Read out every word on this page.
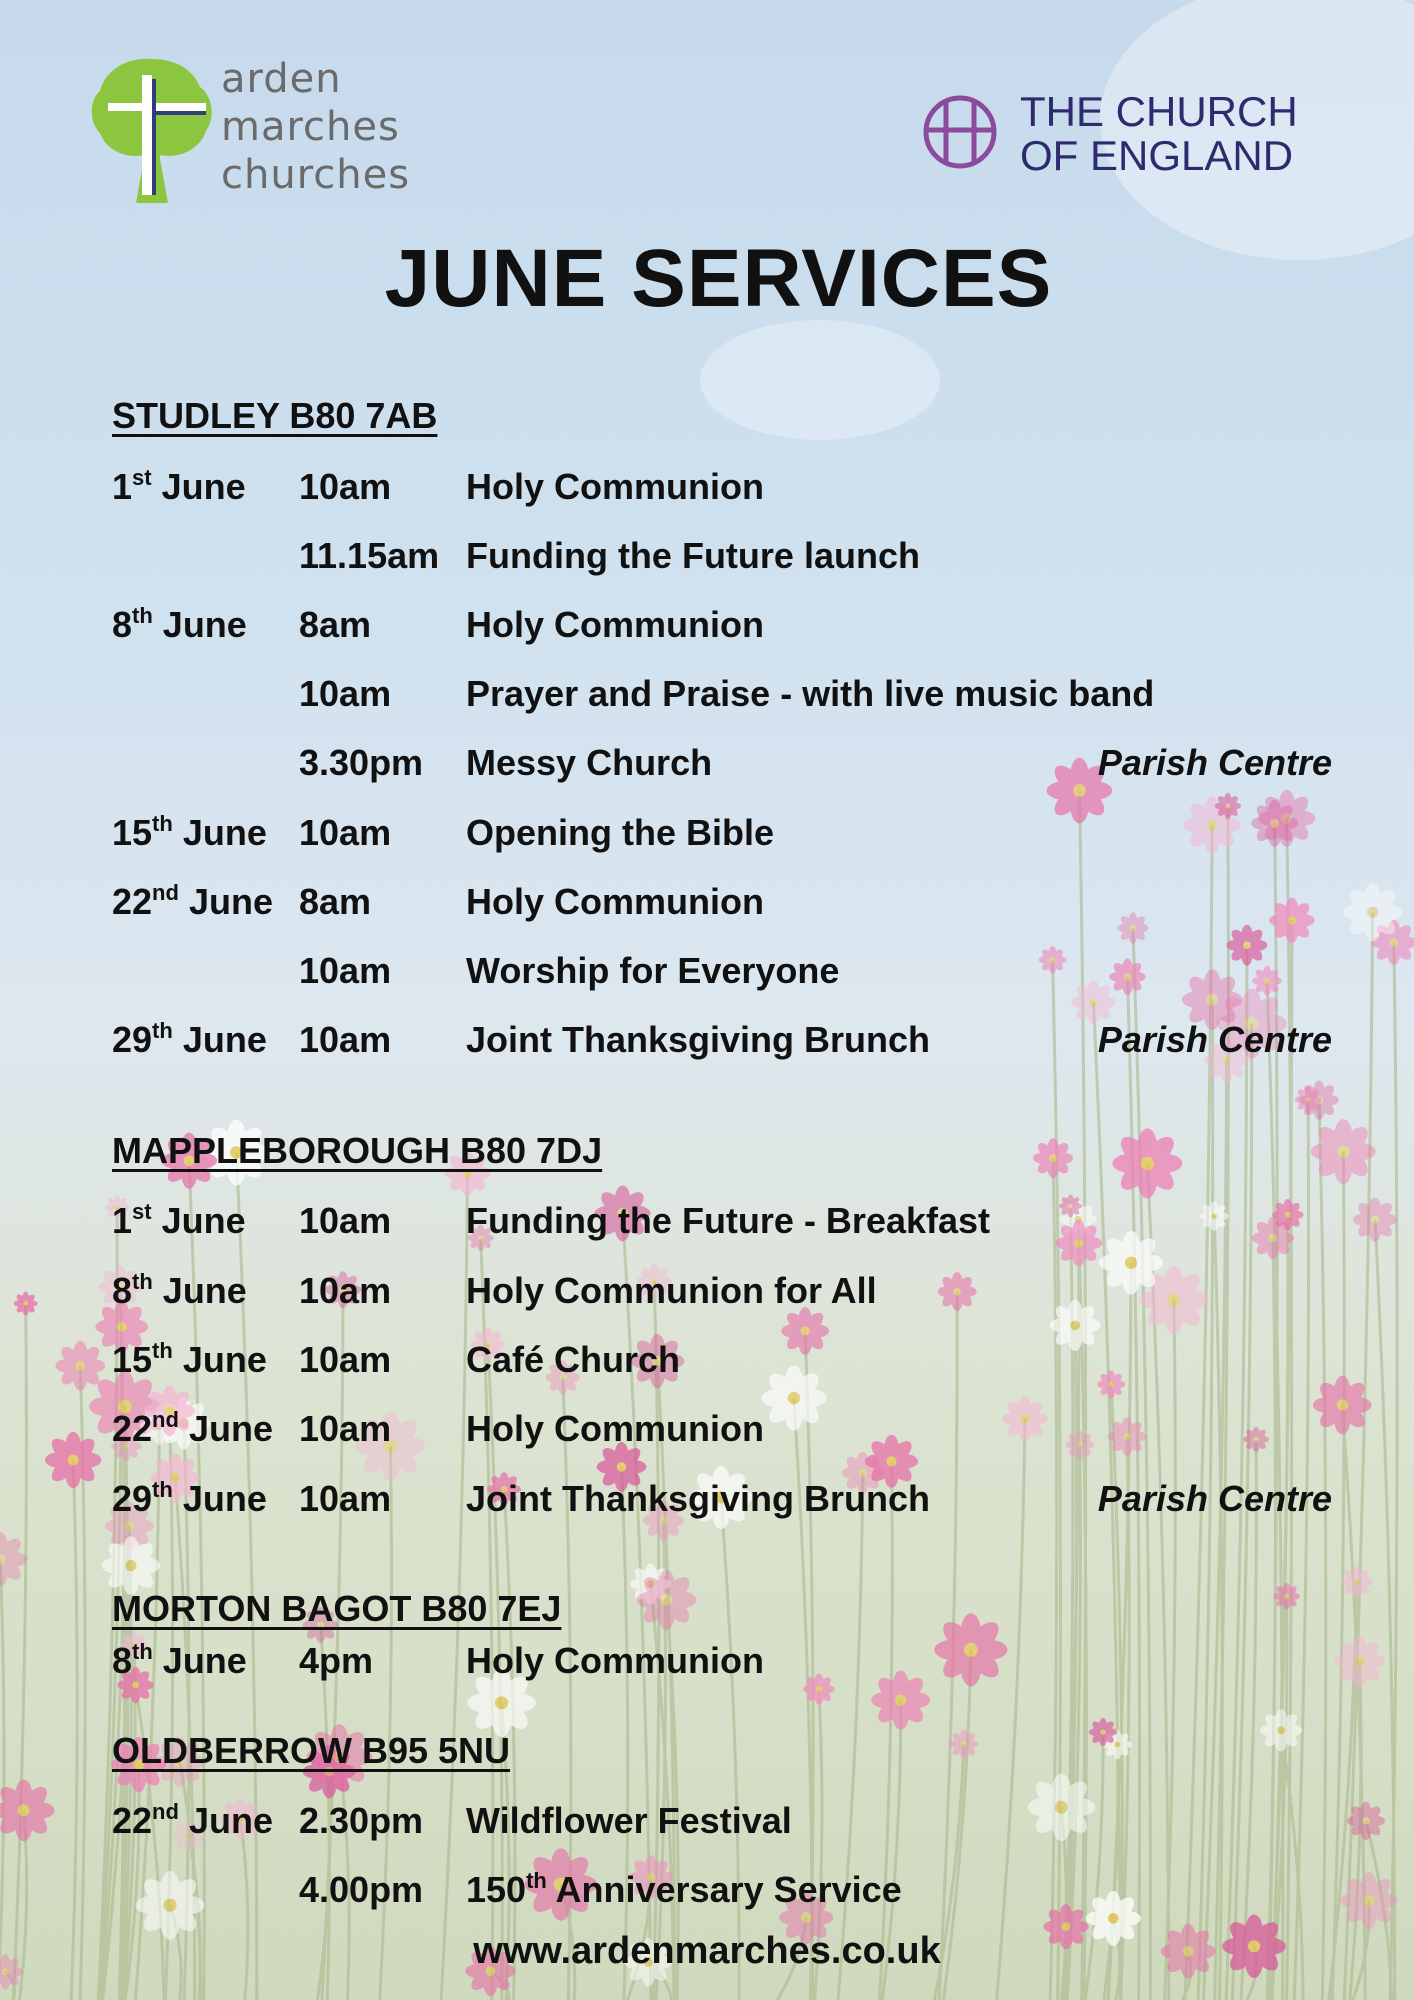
arden
marches
churches
THE CHURCH
OF ENGLAND
JUNE SERVICES
STUDLEY B80 7AB
1st June 10am Holy Communion
11.15am Funding the Future launch
8th June 8am	Holy Communion
10am Prayer and Praise - with live music band
3.30pm Messy Church	Parish Centre
15th June 10am Opening the Bible
22nd June 8am	Holy Communion
10am Worship for Everyone
29th June 10am Joint Thanksgiving Brunch	Parish Centre
MAPPLEBOROUGH B80 7DJ
1st June 10am Funding the Future - Breakfast
8th June 10am Holy Communion for All
15th June 10am Café Church
22nd June 10am Holy Communion
29th June 10am Joint Thanksgiving Brunch	Parish Centre
MORTON BAGOT B80 7EJ
8th June 4pm	Holy Communion
OLDBERROW B95 5NU
22nd June 2.30pm Wildflower Festival
4.00pm 150th Anniversary Service
www.ardenmarches.co.uk
